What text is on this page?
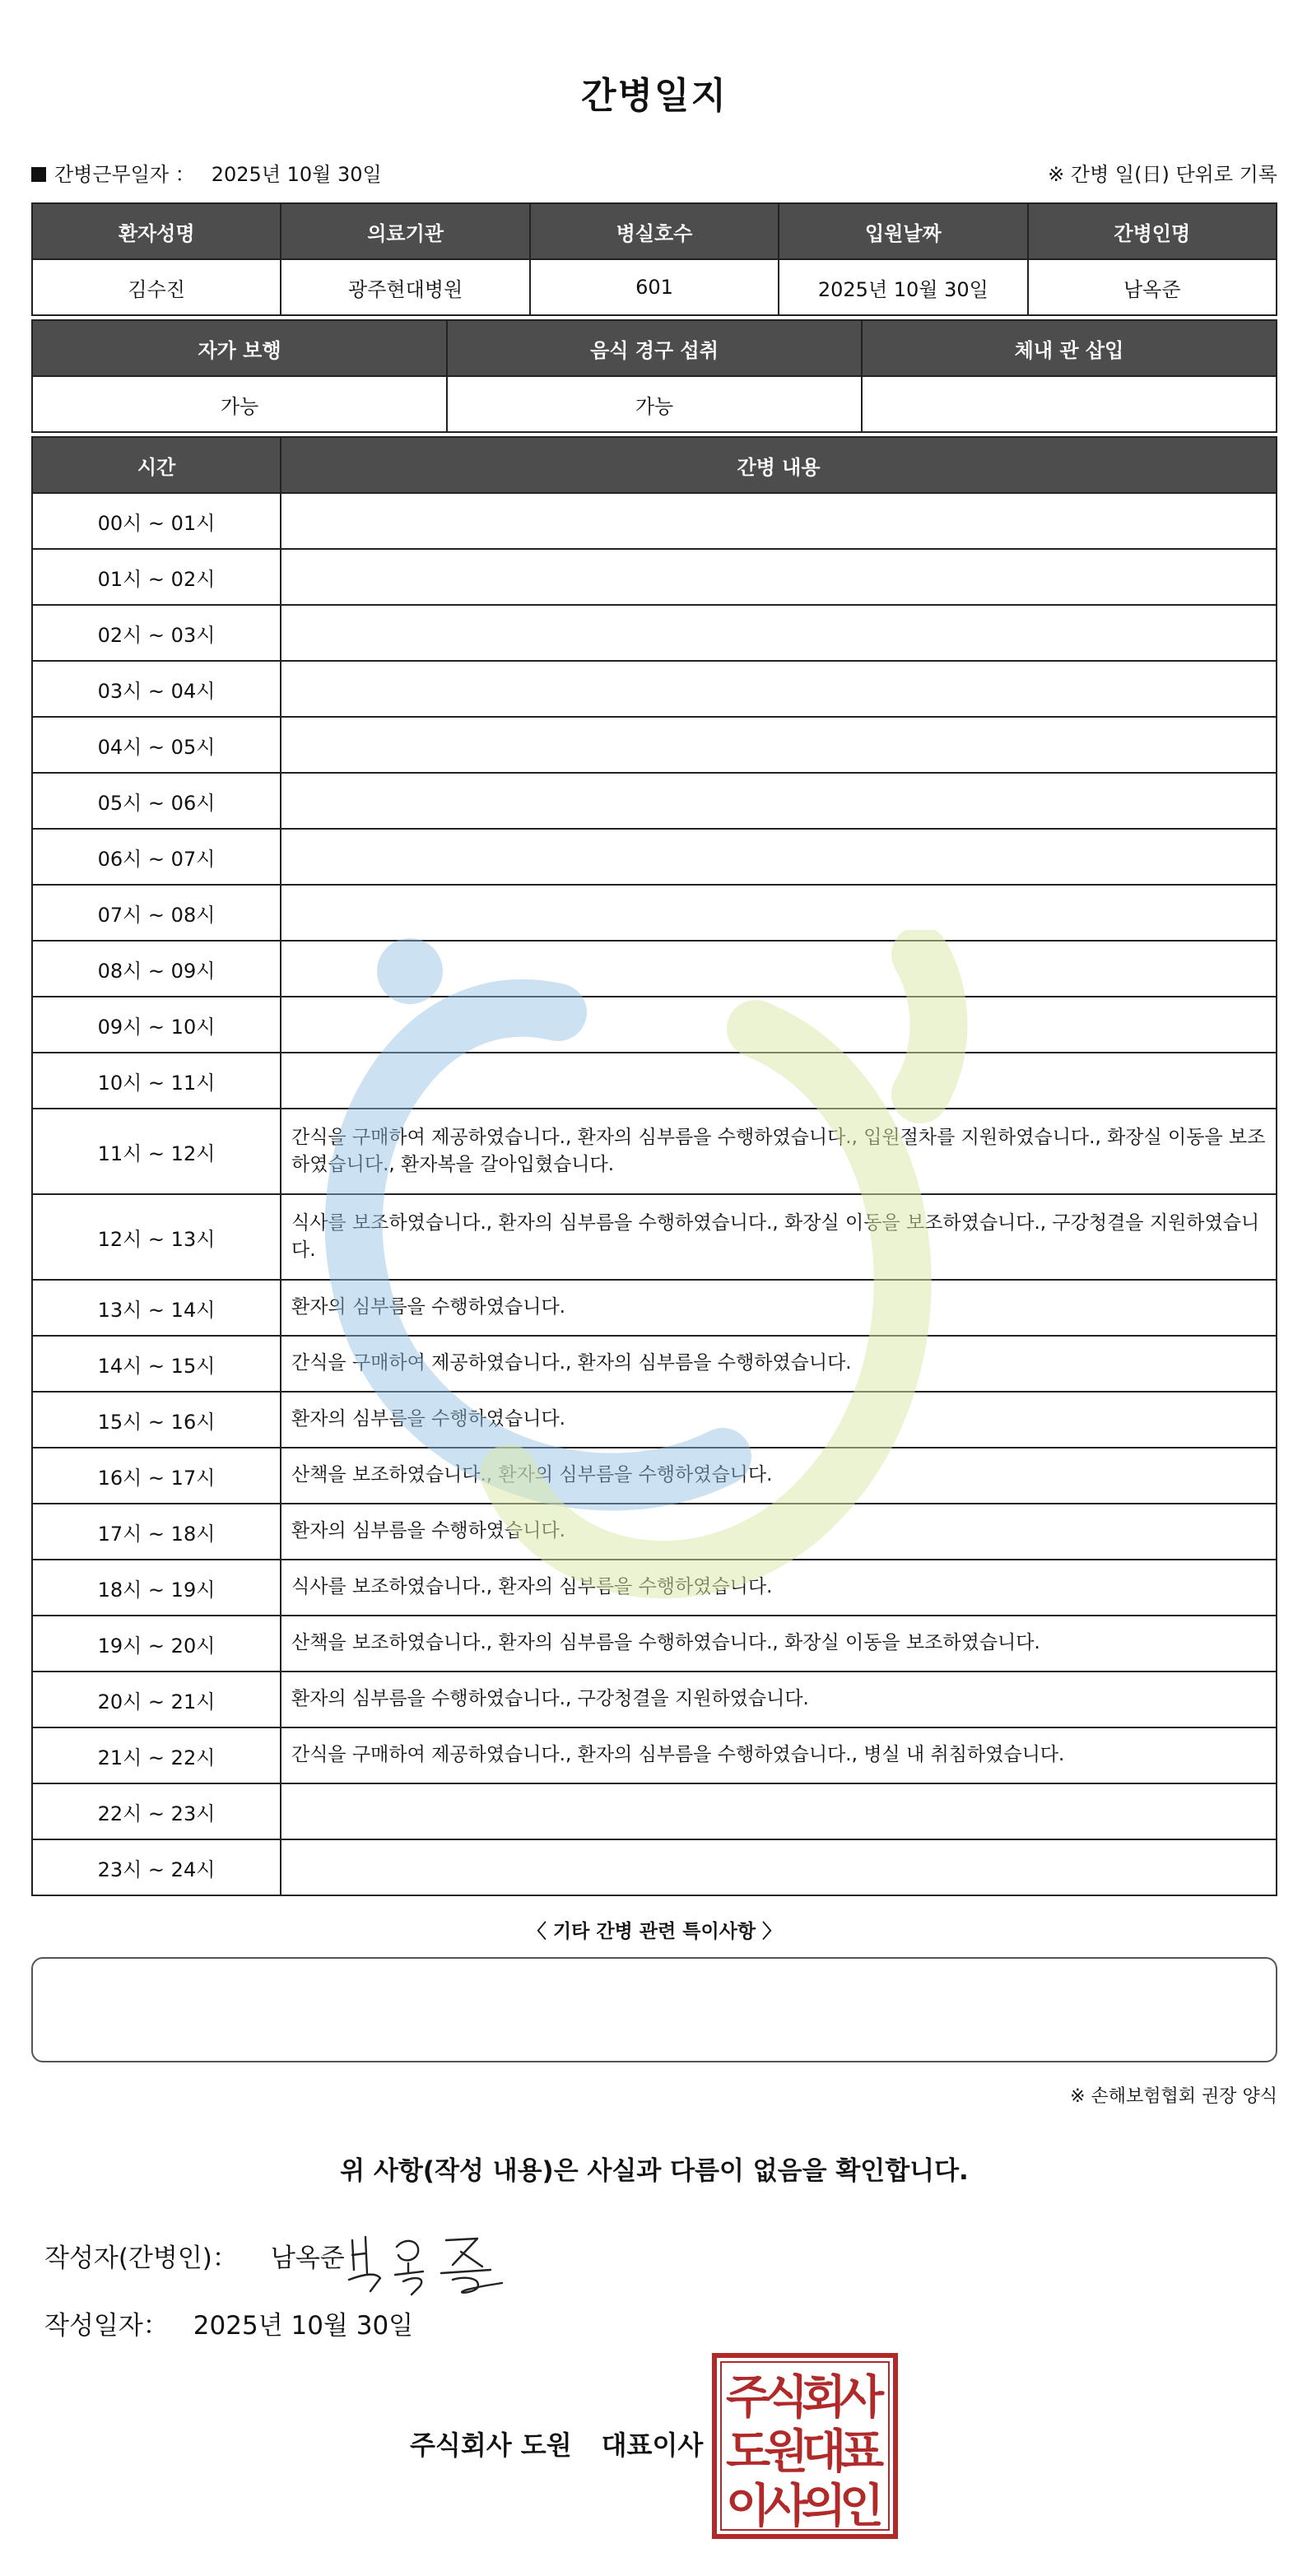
간병일지
간병근무일자 ： 2025년 10월 30일	※ 간병 일(日) 단위로 기록
환자성명	의료기관	병실호수	입원날짜	간병인명
김수진	광주현대병원	601	2025년 10월 30일	남옥준
자가 보행	음식 경구 섭취	체내 관 삽입
가능	가능	
시간	간병 내용
00시 ~ 01시	
01시 ~ 02시	
02시 ~ 03시	
03시 ~ 04시	
04시 ~ 05시	
05시 ~ 06시	
06시 ~ 07시	
07시 ~ 08시	
08시 ~ 09시	
09시 ~ 10시	
10시 ~ 11시	
11시 ~ 12시	간식을 구매하여 제공하였습니다., 환자의 심부름을 수행하였습니다., 입원절차를 지원하였습니다., 화장실 이동을 보조하였습니다., 환자복을 갈아입혔습니다.
12시 ~ 13시	식사를 보조하였습니다., 환자의 심부름을 수행하였습니다., 화장실 이동을 보조하였습니다., 구강청결을 지원하였습니다.
13시 ~ 14시	환자의 심부름을 수행하였습니다.
14시 ~ 15시	간식을 구매하여 제공하였습니다., 환자의 심부름을 수행하였습니다.
15시 ~ 16시	환자의 심부름을 수행하였습니다.
16시 ~ 17시	산책을 보조하였습니다., 환자의 심부름을 수행하였습니다.
17시 ~ 18시	환자의 심부름을 수행하였습니다.
18시 ~ 19시	식사를 보조하였습니다., 환자의 심부름을 수행하였습니다.
19시 ~ 20시	산책을 보조하였습니다., 환자의 심부름을 수행하였습니다., 화장실 이동을 보조하였습니다.
20시 ~ 21시	환자의 심부름을 수행하였습니다., 구강청결을 지원하였습니다.
21시 ~ 22시	간식을 구매하여 제공하였습니다., 환자의 심부름을 수행하였습니다., 병실 내 취침하였습니다.
22시 ~ 23시	
23시 ~ 24시	
〈 기타 간병 관련 특이사항 〉
※ 손해보험협회 권장 양식
위 사항(작성 내용)은 사실과 다름이 없음을 확인합니다.
작성자(간병인)： 남옥준
작성일자： 2025년 10월 30일
주식회사 도원 대표이사
주
식
회
사
도
원
대
표
이
사
의
인
